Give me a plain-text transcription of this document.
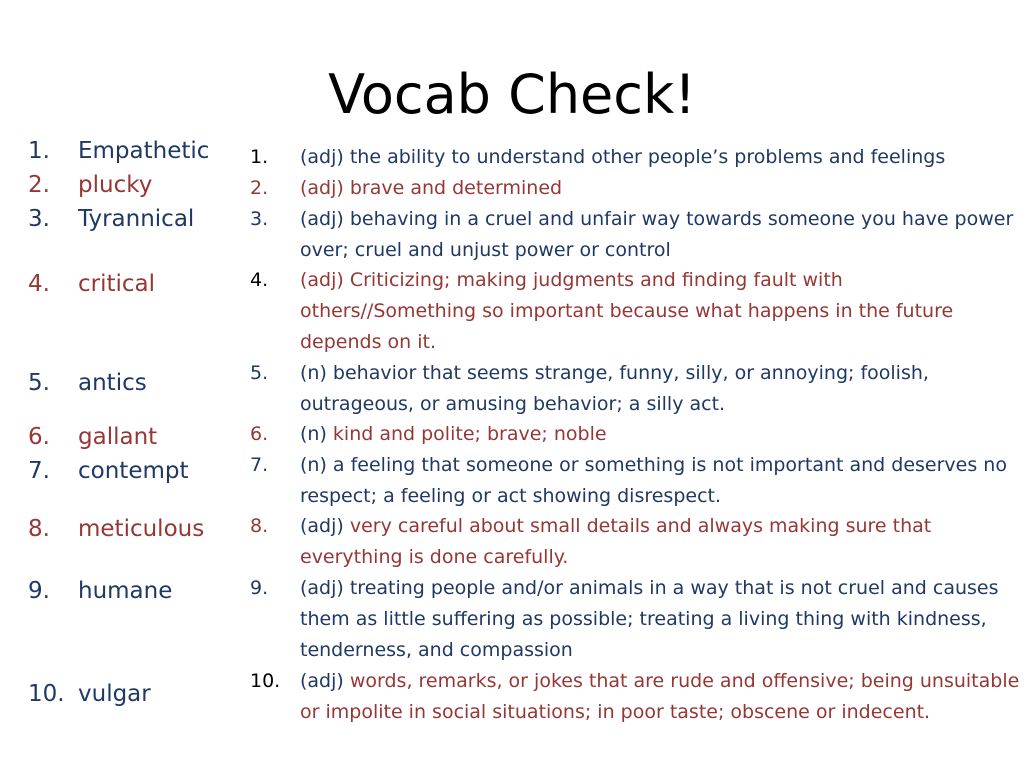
Vocab Check!
1. Empathetic
2. plucky
3. Tyrannical
4. critical
5. antics
6. gallant
7. contempt
8. meticulous
9. humane
10. vulgar
1.	(adj) the ability to understand other people’s problems and feelings
2.	(adj) brave and determined
3.	(adj) behaving in a cruel and unfair way towards someone you have power over; cruel and unjust power or control
4.	(adj) Criticizing; making judgments and finding fault with others//Something so important because what happens in the future depends on it.
5.	(n) behavior that seems strange, funny, silly, or annoying; foolish, outrageous, or amusing behavior; a silly act.
6.	(n) kind and polite; brave; noble
7.	(n) a feeling that someone or something is not important and deserves no respect; a feeling or act showing disrespect.
8.	(adj) very careful about small details and always making sure that everything is done carefully.
9.	(adj) treating people and/or animals in a way that is not cruel and causes them as little suffering as possible; treating a living thing with kindness, tenderness, and compassion
10.	(adj) words, remarks, or jokes that are rude and offensive; being unsuitable or impolite in social situations; in poor taste; obscene or indecent.
